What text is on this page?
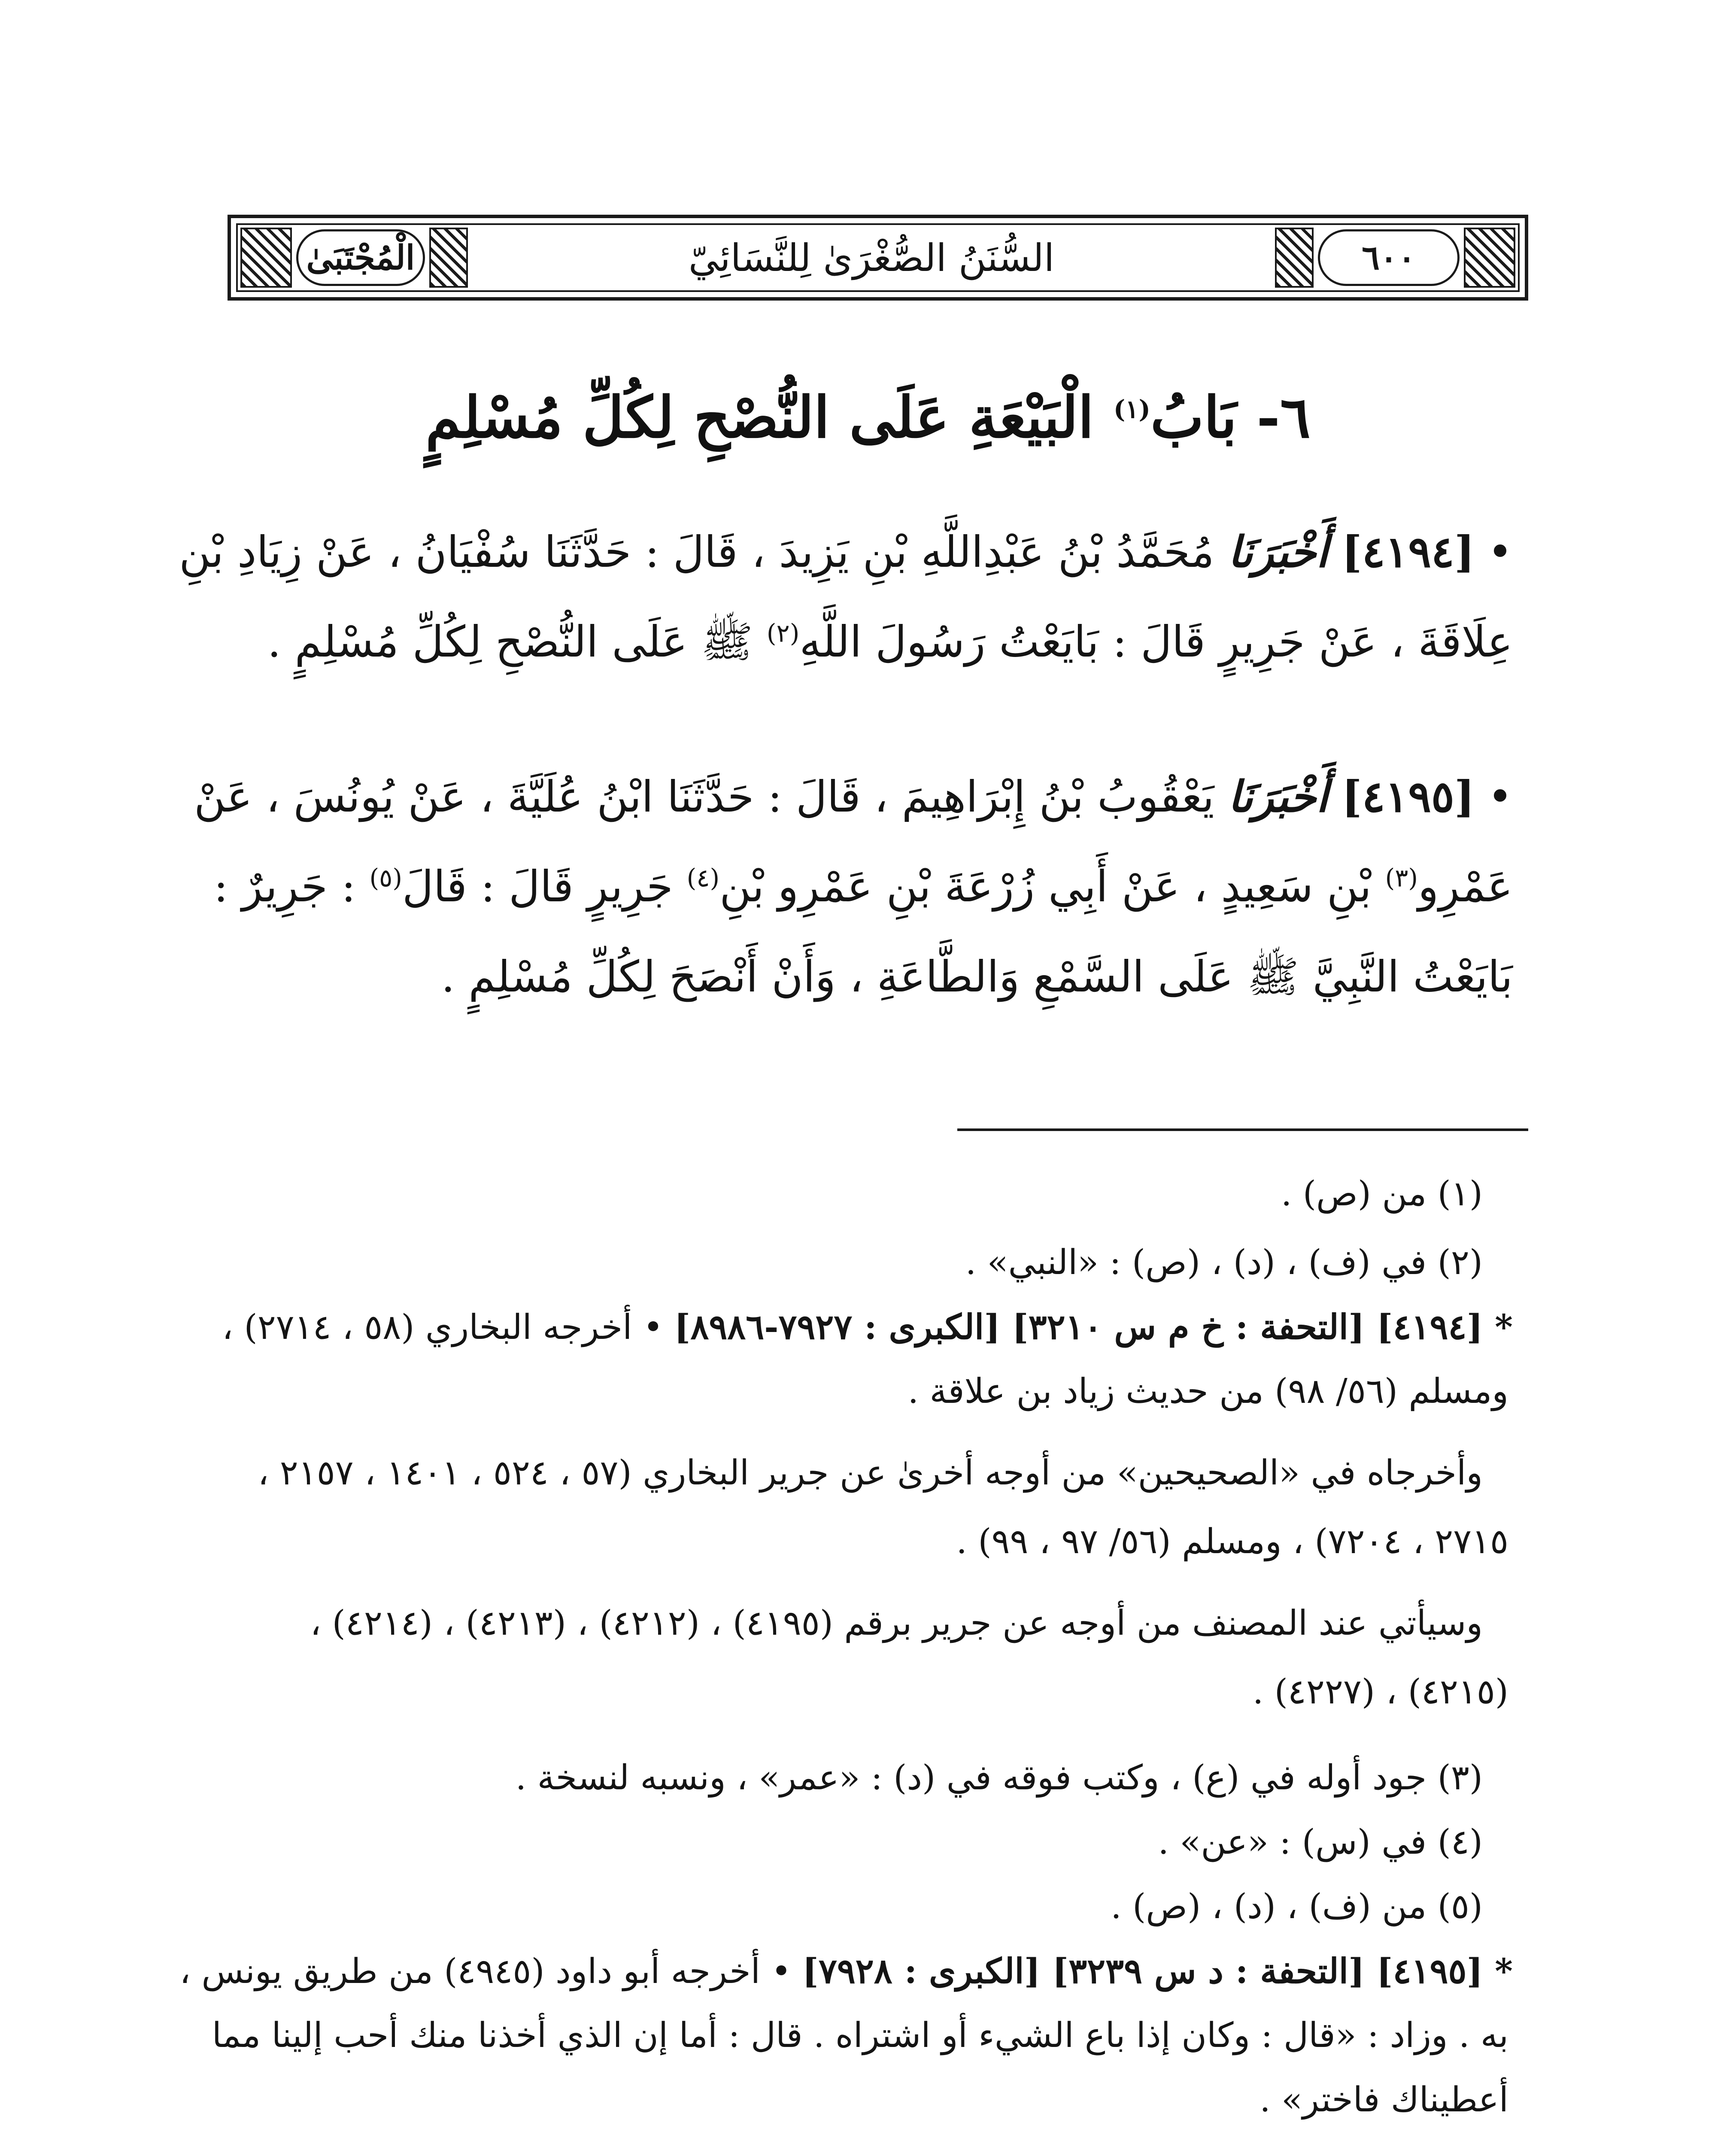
الْمُجْتَبَىٰ	السُّنَنُ الصُّغْرَىٰ لِلنَّسَائِيّ	٦٠٠
٦- بَابُ$^{(١)}$ الْبَيْعَةِ عَلَى النُّصْحِ لِكُلِّ مُسْلِمٍ
•[٤١٩٤] أَخْبَرَنَا مُحَمَّدُ بْنُ عَبْدِاللَّهِ بْنِ يَزِيدَ ، قَالَ : حَدَّثَنَا سُفْيَانُ ، عَنْ زِيَادِ بْنِ
عِلَاقَةَ ، عَنْ جَرِيرٍ قَالَ : بَايَعْتُ رَسُولَ اللَّهِ$^{(٢)}$ ﷺ عَلَى النُّصْحِ لِكُلِّ مُسْلِمٍ .
•[٤١٩٥] أَخْبَرَنَا يَعْقُوبُ بْنُ إِبْرَاهِيمَ ، قَالَ : حَدَّثَنَا ابْنُ عُلَيَّةَ ، عَنْ يُونُسَ ، عَنْ
عَمْرِو$^{(٣)}$ بْنِ سَعِيدٍ ، عَنْ أَبِي زُرْعَةَ بْنِ عَمْرِو بْنِ$^{(٤)}$ جَرِيرٍ قَالَ : قَالَ$^{(٥)}$ : جَرِيرٌ :
بَايَعْتُ النَّبِيَّ ﷺ عَلَى السَّمْعِ وَالطَّاعَةِ ، وَأَنْ أَنْصَحَ لِكُلِّ مُسْلِمٍ .
(١) من (ص) .
(٢) في (ف) ، (د) ، (ص) : «النبي» .
* [٤١٩٤] [التحفة : خ م س ٣٢١٠] [الكبرى : ٧٩٢٧-٨٩٨٦] • أخرجه البخاري (٥٨ ، ٢٧١٤) ،
ومسلم (٥٦/ ٩٨) من حديث زياد بن علاقة .
وأخرجاه في «الصحيحين» من أوجه أخرىٰ عن جرير البخاري (٥٧ ، ٥٢٤ ، ١٤٠١ ، ٢١٥٧ ،
٢٧١٥ ، ٧٢٠٤) ، ومسلم (٥٦/ ٩٧ ، ٩٩) .
وسيأتي عند المصنف من أوجه عن جرير برقم (٤١٩٥) ، (٤٢١٢) ، (٤٢١٣) ، (٤٢١٤) ،
(٤٢١٥) ، (٤٢٢٧) .
(٣) جود أوله في (ع) ، وكتب فوقه في (د) : «عمر» ، ونسبه لنسخة .
(٤) في (س) : «عن» .
(٥) من (ف) ، (د) ، (ص) .
* [٤١٩٥] [التحفة : د س ٣٢٣٩] [الكبرى : ٧٩٢٨] • أخرجه أبو داود (٤٩٤٥) من طريق يونس ،
به . وزاد : «قال : وكان إذا باع الشيء أو اشتراه . قال : أما إن الذي أخذنا منك أحب إلينا مما
أعطيناك فاختر» .
